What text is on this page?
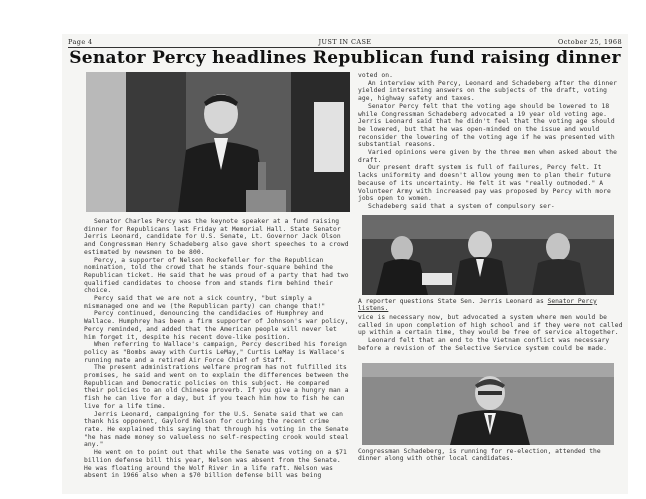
Page 4	JUST IN CASE	October 25, 1968
Senator Percy headlines Republican fund raising dinner

Senator Charles Percy was the keynote speaker at a fund raising dinner for Republicans last Friday at Memorial Hall. State Senator Jerris Leonard, candidate for U.S. Senate, Lt. Governor Jack Olson and Congressman Henry Schadeberg also gave short speeches to a crowd estimated by newsmen to be 800.

Percy, a supporter of Nelson Rockefeller for the Republican nomination, told the crowd that he stands four-square behind the Republican ticket. He said that he was proud of a party that had two qualified candidates to choose from and stands firm behind their choice.

Percy said that we are not a sick country, "but simply a mismanaged one and we (the Republican party) can change that!"

Percy continued, denouncing the candidacies of Humphrey and Wallace. Humphrey has been a firm supporter of Johnson's war policy, Percy reminded, and added that the American people will never let him forget it, despite his recent dove-like position.

When referring to Wallace's campaign, Percy described his foreign policy as "Bombs away with Curtis LeMay," Curtis LeMay is Wallace's running mate and a retired Air Force Chief of Staff.

The present administrations welfare program has not fulfilled its promises, he said and went on to explain the differences between the Republican and Democratic policies on this subject. He compared their policies to an old Chinese proverb. If you give a hungry man a fish he can live for a day, but if you teach him how to fish he can live for a life time.

Jerris Leonard, campaigning for the U.S. Senate said that we can thank his opponent, Gaylord Nelson for curbing the recent crime rate. He explained this saying that through his voting in the Senate "he has made money so valueless no self-respecting crook would steal any."

He went on to point out that while the Senate was voting on a $71 billion defense bill this year, Nelson was absent from the Senate. He was floating around the Wolf River in a life raft. Nelson was absent in 1966 also when a $70 billion defense bill was being

voted on.

An interview with Percy, Leonard and Schadeberg after the dinner yielded interesting answers on the subjects of the draft, voting age, highway safety and taxes.

Senator Percy felt that the voting age should be lowered to 18 while Congressman Schadeberg advocated a 19 year old voting age. Jerris Leonard said that he didn't feel that the voting age should be lowered, but that he was open-minded on the issue and would reconsider the lowering of the voting age if he was presented with substantial reasons.

Varied opinions were given by the three men when asked about the draft.

Our present draft system is full of failures, Percy felt. It lacks uniformity and doesn't allow young men to plan their future because of its uncertainty. He felt it was "really outmoded." A Volunteer Army with increased pay was proposed by Percy with more jobs open to women.

Schadeberg said that a system of compulsory ser-

A reporter questions State Sen. Jerris Leonard as Senator Percy listens.

vice is necessary now, but advocated a system where men would be called in upon completion of high school and if they were not called up within a certain time, they would be free of service altogether.

Leonard felt that an end to the Vietnam conflict was necessary before a revision of the Selective Service system could be made.

Congressman Schadeberg, is running for re-election, attended the dinner along with other local candidates.
